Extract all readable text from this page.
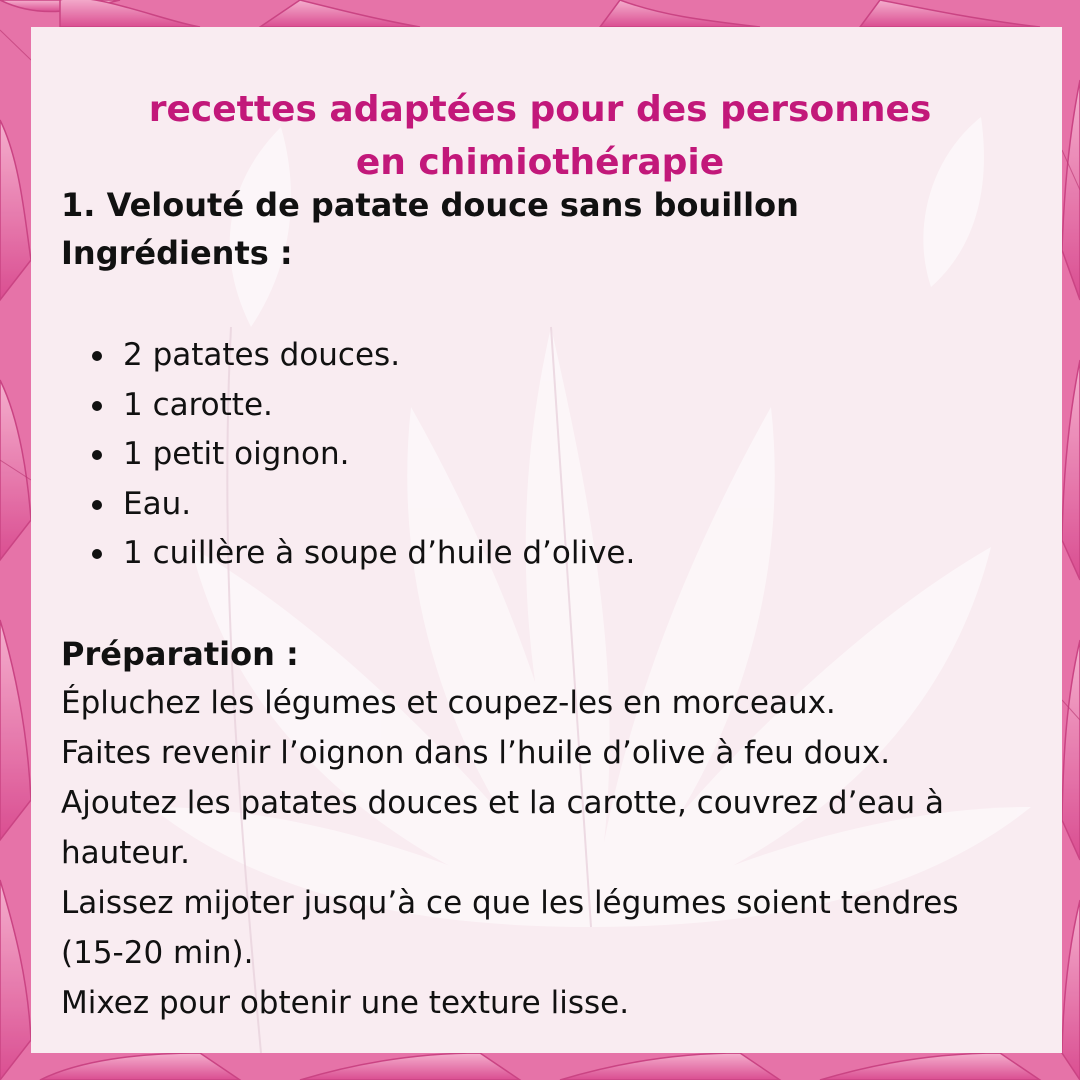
recettes adaptées pour des personnes
en chimiothérapie
1. Velouté de patate douce sans bouillon
Ingrédients :
2 patates douces.
1 carotte.
1 petit oignon.
Eau.
1 cuillère à soupe d’huile d’olive.
Préparation :

Épluchez les légumes et coupez-les en morceaux.

Faites revenir l’oignon dans l’huile d’olive à feu doux.

Ajoutez les patates douces et la carotte, couvrez d’eau à hauteur.

Laissez mijoter jusqu’à ce que les légumes soient tendres (15-20 min).

Mixez pour obtenir une texture lisse.
